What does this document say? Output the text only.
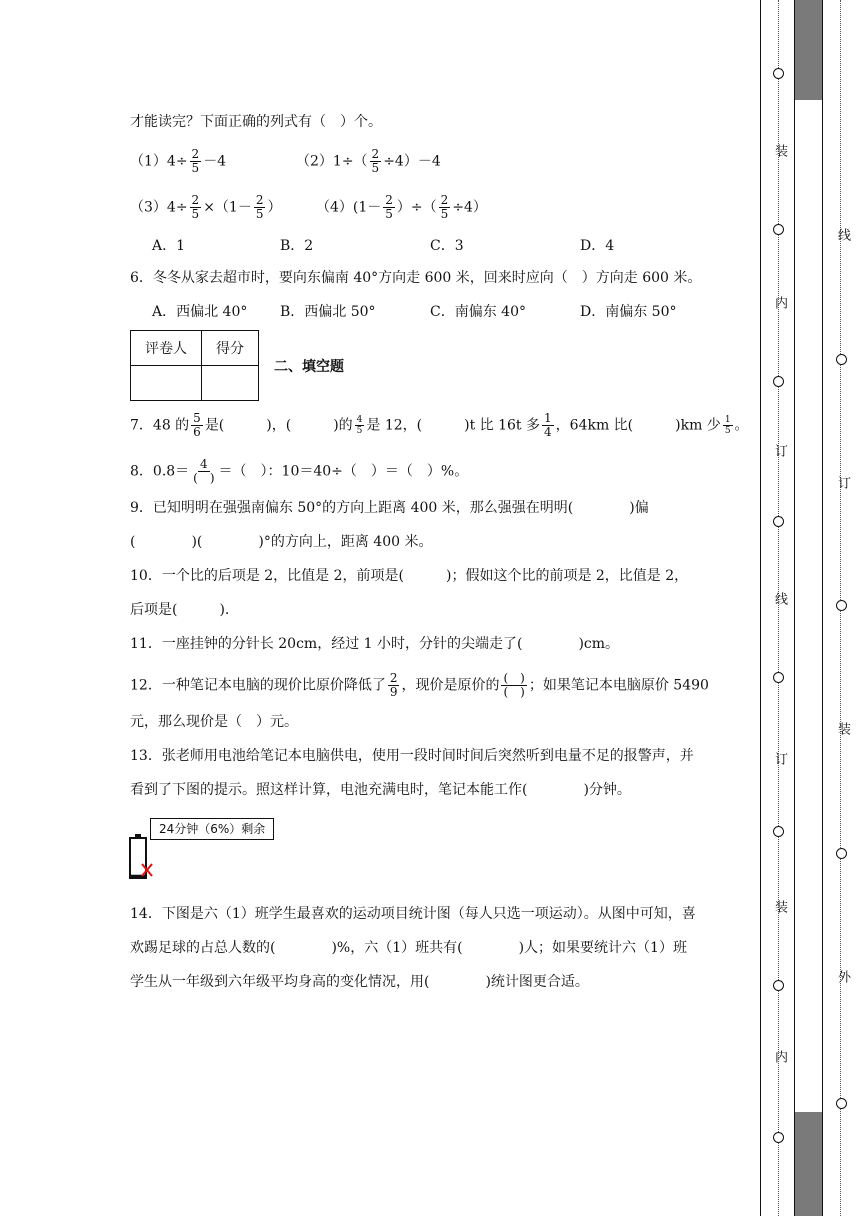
才能读完？下面正确的列式有（　）个。
$(1)4\div \frac{2}{5} -4$	$(2)1\div( \frac{2}{5} \div 4)-4$
$(3)4\div \frac{2}{5} \times(1- \frac{2}{5}$ ） $(4)(1- \frac{2}{5}$ ）÷（ $\frac{2}{5} \div 4$）
A．1	B．2	C．3	D．4
6．冬冬从家去超市时，要向东偏南 40°方向走 600 米，回来时应向（　）方向走 600 米。
A．西偏北 40° B．西偏北 50°	C．南偏东 40°	D．南偏东 50°
评卷人	得分

二、填空题
7．48 的 $\frac{5}{6}$ 是(　　　)，(　　　)的 $\frac{4}{5}$ 是 12，(　　　)t 比 16t 多 $\frac{1}{4}$ ，64km 比(　　　)km 少 $\frac{1}{5}$ 。
8．$0.8= \frac{4}{( )}$ ＝（　）：10＝40÷（　）＝（　）%。
9．已知明明在强强南偏东 50°的方向上距离 400 米，那么强强在明明(　　　　)偏
(　　　　)(　　　　)°的方向上，距离 400 米。
10．一个比的后项是 2，比值是 2，前项是(　　　)；假如这个比的前项是 2，比值是 2，
后项是(　　　).
11．一座挂钟的分针长 20cm，经过 1 小时，分针的尖端走了(　　　　)cm。
12．一种笔记本电脑的现价比原价降低了 $\frac{2}{9}$ ，现价是原价的 $\frac{( )}{( )}$ ；如果笔记本电脑原价 5490
元，那么现价是（　）元。
13．张老师用电池给笔记本电脑供电，使用一段时间时间后突然听到电量不足的报警声，并
看到了下图的提示。照这样计算，电池充满电时，笔记本能工作(　　　　)分钟。
24分钟（6%）剩余
14．下图是六（1）班学生最喜欢的运动项目统计图（每人只选一项运动）。从图中可知，喜
欢踢足球的占总人数的(　　　　)%，六（1）班共有(　　　　)人；如果要统计六（1）班
学生从一年级到六年级平均身高的变化情况，用(　　　　)统计图更合适。
装
内
订
线
订
装
内
线
订
装
外
